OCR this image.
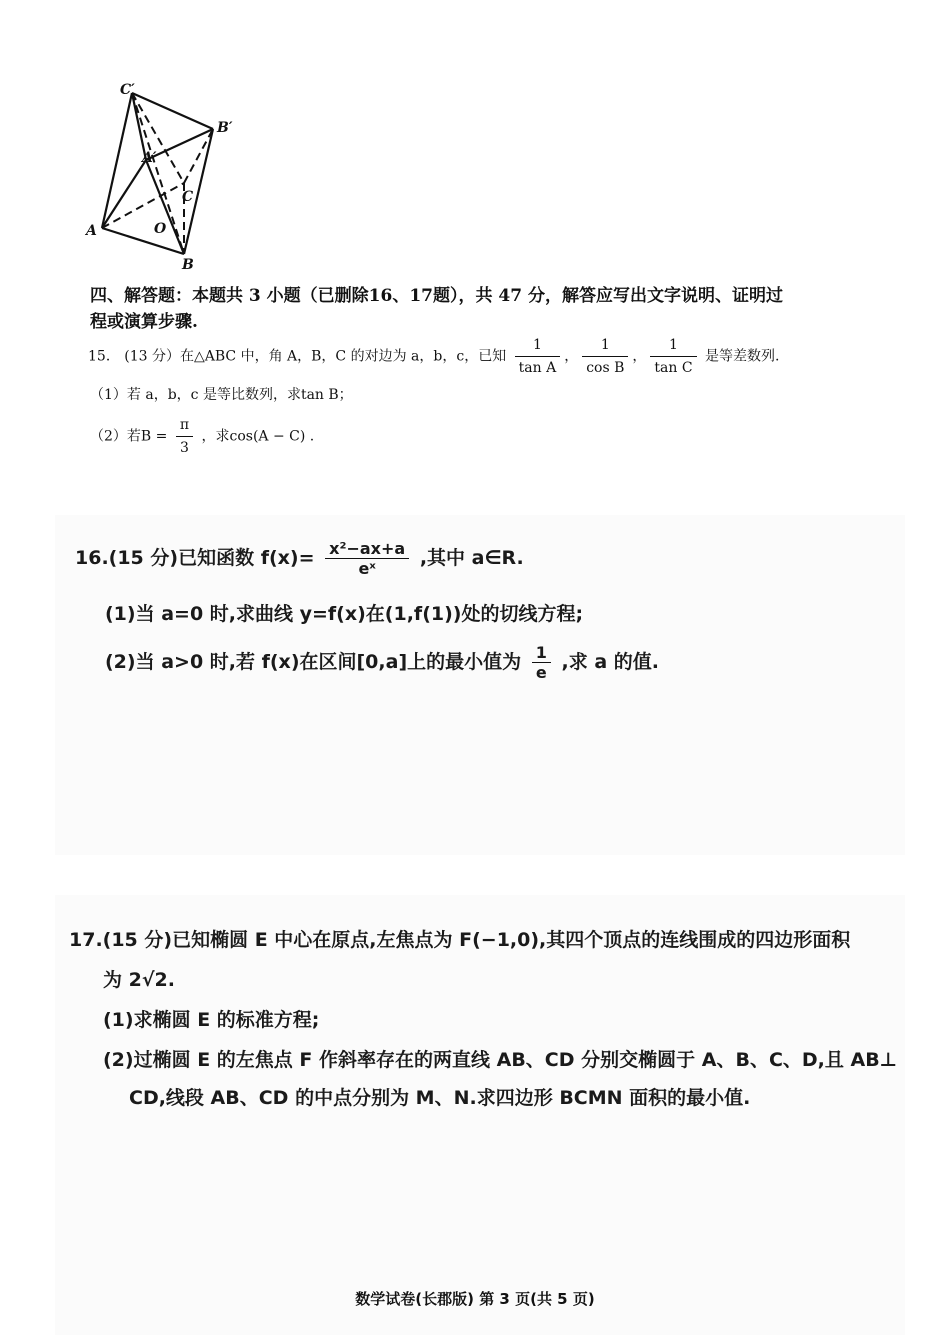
C′
B′
A′
C
A	O
B
四、解答题：本题共 3 小题（已删除16、17题），共 47 分，解答应写出文字说明、证明过
程或演算步骤.
15． (13 分）在△ABC 中，角 A，B，C 的对边为 a，b，c，已知 $\frac{1}{\text{tan A}}$ ， $\frac{1}{\text{cos B}}$ ， $\frac{1}{\text{tan C}}$ 是等差数列.
（1）若 a，b，c 是等比数列，求tan B；
（2）若$B = \frac{\pi}{3}$ ，求cos(A − C) .
16.(15 分)已知函数 $f(x)= \frac{\text{x²−ax+a}}{\text{eˣ}}$ ,其中 a∈R.
(1)当 a=0 时,求曲线 y=f(x)在(1,f(1))处的切线方程;
(2)当 a>0 时,若 f(x)在区间[0,a]上的最小值为 $\frac{1}{e}$ ,求 a 的值.
17.(15 分)已知椭圆 E 中心在原点,左焦点为 F(−1,0),其四个顶点的连线围成的四边形面积
为 2√2.
(1)求椭圆 E 的标准方程;
(2)过椭圆 E 的左焦点 F 作斜率存在的两直线 AB、CD 分别交椭圆于 A、B、C、D,且 AB⊥
CD,线段 AB、CD 的中点分别为 M、N.求四边形 BCMN 面积的最小值.
数学试卷(长郡版) 第 3 页(共 5 页)
